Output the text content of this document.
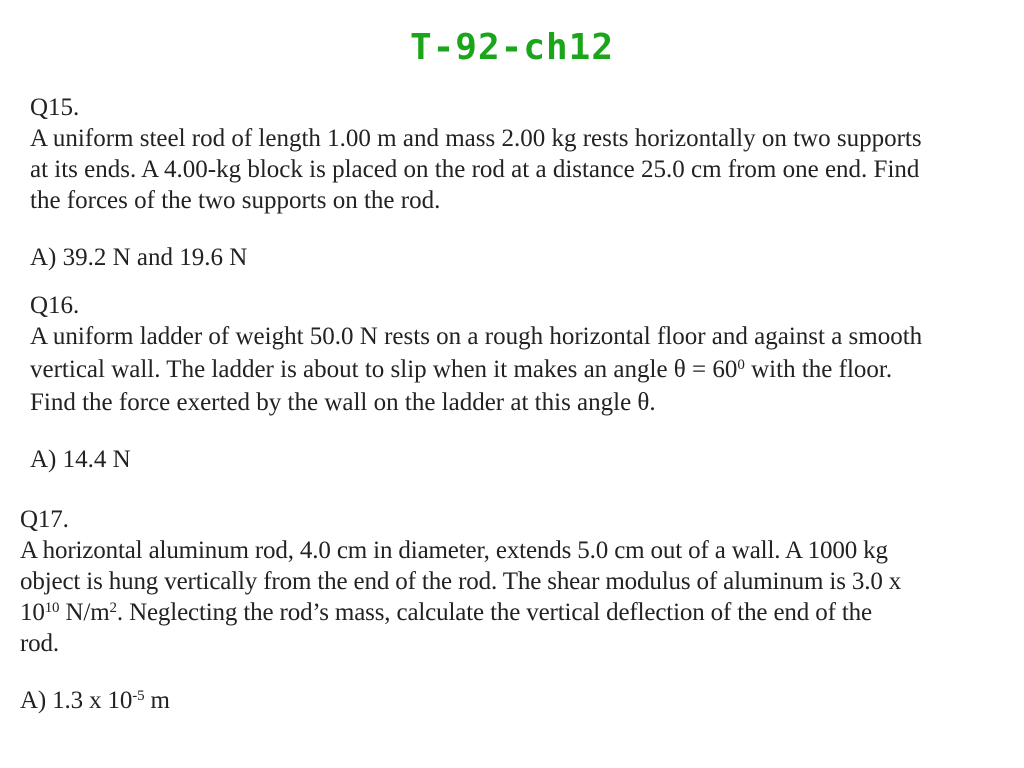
T-92-ch12
Q15.
A uniform steel rod of length 1.00 m and mass 2.00 kg rests horizontally on two supports
at its ends. A 4.00-kg block is placed on the rod at a distance 25.0 cm from one end. Find
the forces of the two supports on the rod.
A) 39.2 N and 19.6 N
Q16.
A uniform ladder of weight 50.0 N rests on a rough horizontal floor and against a smooth
vertical wall. The ladder is about to slip when it makes an angle $\theta = 60^0$ with the floor.
Find the force exerted by the wall on the ladder at this angle θ.
A) 14.4 N
Q17.
A horizontal aluminum rod, 4.0 cm in diameter, extends 5.0 cm out of a wall. A 1000 kg
object is hung vertically from the end of the rod. The shear modulus of aluminum is 3.0 x
$10^{10}$ $N/m^2$. Neglecting the rod’s mass, calculate the vertical deflection of the end of the
rod.
A) 1.3 x $10^{-5}$ m
